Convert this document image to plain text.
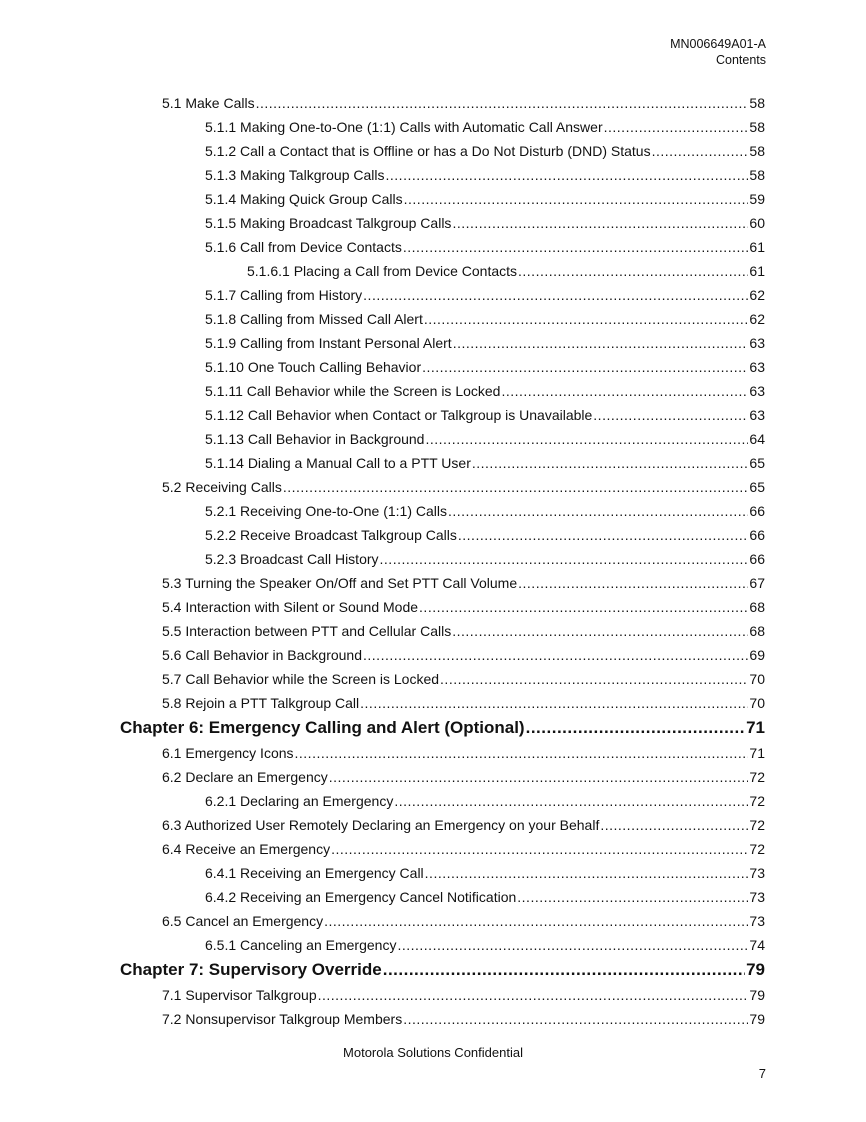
MN006649A01-A
Contents
5.1 Make Calls .....	58
5.1.1 Making One-to-One (1:1) Calls with Automatic Call Answer .....	58
5.1.2 Call a Contact that is Offline or has a Do Not Disturb (DND) Status .....	58
5.1.3 Making Talkgroup Calls .....	58
5.1.4 Making Quick Group Calls .....	59
5.1.5 Making Broadcast Talkgroup Calls .....	60
5.1.6 Call from Device Contacts .....	61
5.1.6.1 Placing a Call from Device Contacts .....	61
5.1.7 Calling from History .....	62
5.1.8 Calling from Missed Call Alert .....	62
5.1.9 Calling from Instant Personal Alert .....	63
5.1.10 One Touch Calling Behavior .....	63
5.1.11 Call Behavior while the Screen is Locked .....	63
5.1.12 Call Behavior when Contact or Talkgroup is Unavailable .....	63
5.1.13 Call Behavior in Background .....	64
5.1.14 Dialing a Manual Call to a PTT User .....	65
5.2 Receiving Calls .....	65
5.2.1 Receiving One-to-One (1:1) Calls .....	66
5.2.2 Receive Broadcast Talkgroup Calls .....	66
5.2.3 Broadcast Call History .....	66
5.3 Turning the Speaker On/Off and Set PTT Call Volume .....	67
5.4 Interaction with Silent or Sound Mode .....	68
5.5 Interaction between PTT and Cellular Calls .....	68
5.6 Call Behavior in Background .....	69
5.7 Call Behavior while the Screen is Locked .....	70
5.8 Rejoin a PTT Talkgroup Call .....	70
Chapter 6: Emergency Calling and Alert (Optional) .....	71
6.1 Emergency Icons .....	71
6.2 Declare an Emergency .....	72
6.2.1 Declaring an Emergency .....	72
6.3 Authorized User Remotely Declaring an Emergency on your Behalf .....	72
6.4 Receive an Emergency .....	72
6.4.1 Receiving an Emergency Call .....	73
6.4.2 Receiving an Emergency Cancel Notification .....	73
6.5 Cancel an Emergency .....	73
6.5.1 Canceling an Emergency .....	74
Chapter 7: Supervisory Override .....	79
7.1 Supervisor Talkgroup .....	79
7.2 Nonsupervisor Talkgroup Members .....	79
Motorola Solutions Confidential
7
